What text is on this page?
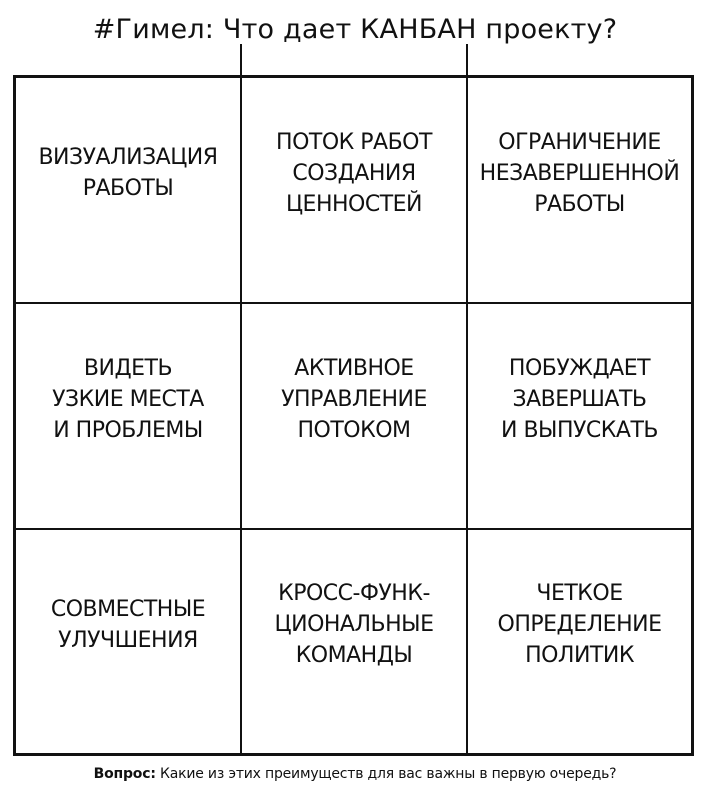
#Гимел: Что дает КАНБАН проекту?
ВИЗУАЛИЗАЦИЯ
РАБОТЫ
ПОТОК РАБОТ
СОЗДАНИЯ
ЦЕННОСТЕЙ
ОГРАНИЧЕНИЕ
НЕЗАВЕРШЕННОЙ
РАБОТЫ
ВИДЕТЬ
УЗКИЕ МЕСТА
И ПРОБЛЕМЫ
АКТИВНОЕ
УПРАВЛЕНИЕ
ПОТОКОМ
ПОБУЖДАЕТ
ЗАВЕРШАТЬ
И ВЫПУСКАТЬ
СОВМЕСТНЫЕ
УЛУЧШЕНИЯ
КРОСС-ФУНК-
ЦИОНАЛЬНЫЕ
КОМАНДЫ
ЧЕТКОЕ
ОПРЕДЕЛЕНИЕ
ПОЛИТИК
Вопрос: Какие из этих преимуществ для вас важны в первую очередь?
